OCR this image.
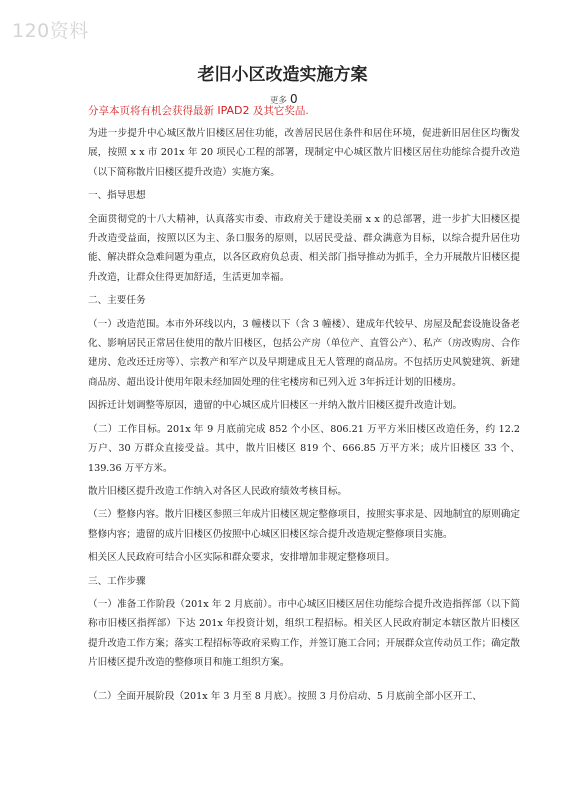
120资料
老旧小区改造实施方案
更多 0
分享本页将有机会获得最新 IPAD2 及其它奖品.

为进一步提升中心城区散片旧楼区居住功能，改善居民居住条件和居住环境，促进新旧居住区均衡发展，按照 x x 市 201x 年 20 项民心工程的部署，现制定中心城区散片旧楼区居住功能综合提升改造（以下简称散片旧楼区提升改造）实施方案。

一、指导思想

全面贯彻党的十八大精神，认真落实市委、市政府关于建设美丽 x x 的总部署，进一步扩大旧楼区提升改造受益面，按照以区为主、条口服务的原则，以居民受益、群众满意为目标，以综合提升居住功能、解决群众急难问题为重点，以各区政府负总责、相关部门指导推动为抓手，全力开展散片旧楼区提升改造，让群众住得更加舒适，生活更加幸福。

二、主要任务

（一）改造范围。本市外环线以内，3 幢楼以下（含 3 幢楼）、建成年代较早、房屋及配套设施设备老化、影响居民正常居住使用的散片旧楼区，包括公产房（单位产、直管公产）、私产（房改购房、合作建房、危改还迁房等）、宗教产和军产以及早期建成且无人管理的商品房。不包括历史风貌建筑、新建商品房、超出设计使用年限未经加固处理的住宅楼房和已列入近 3年拆迁计划的旧楼房。

因拆迁计划调整等原因，遗留的中心城区成片旧楼区一并纳入散片旧楼区提升改造计划。

（二）工作目标。201x 年 9 月底前完成 852 个小区、806.21 万平方米旧楼区改造任务，约 12.2 万户、30 万群众直接受益。其中，散片旧楼区 819 个、666.85 万平方米；成片旧楼区 33 个、139.36 万平方米。

散片旧楼区提升改造工作纳入对各区人民政府绩效考核目标。

（三）整修内容。散片旧楼区参照三年成片旧楼区规定整修项目，按照实事求是、因地制宜的原则确定整修内容；遗留的成片旧楼区仍按照中心城区旧楼区综合提升改造规定整修项目实施。

相关区人民政府可结合小区实际和群众要求，安排增加非规定整修项目。

三、工作步骤

（一）准备工作阶段（201x 年 2 月底前）。市中心城区旧楼区居住功能综合提升改造指挥部（以下简称市旧楼区指挥部）下达 201x 年投资计划，组织工程招标。相关区人民政府制定本辖区散片旧楼区提升改造工作方案；落实工程招标等政府采购工作，并签订施工合同；开展群众宣传动员工作；确定散片旧楼区提升改造的整修项目和施工组织方案。

（二）全面开展阶段（201x 年 3 月至 8 月底）。按照 3 月份启动、5 月底前全部小区开工、
